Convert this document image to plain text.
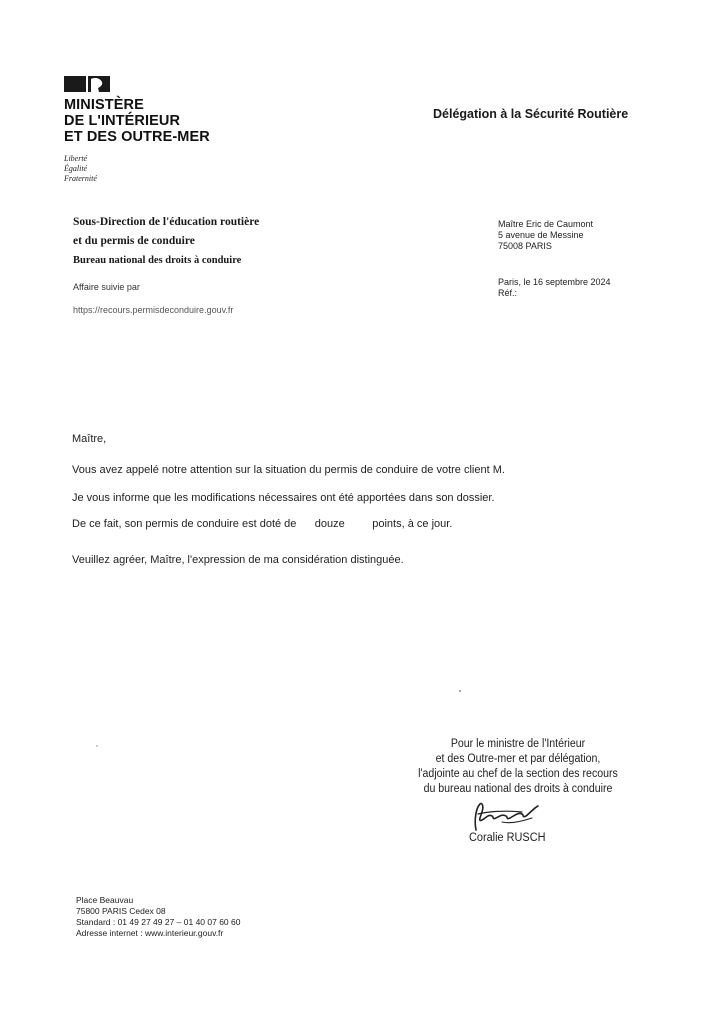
MINISTÈRE
DE L'INTÉRIEUR
ET DES OUTRE-MER
Liberté
Égalité
Fraternité
Délégation à la Sécurité Routière
Sous-Direction de l'éducation routière
et du permis de conduire
Bureau national des droits à conduire
Affaire suivie par
https://recours.permisdeconduire.gouv.fr
Maître Eric de Caumont
5 avenue de Messine
75008 PARIS
Paris, le 16 septembre 2024
Réf.:
Maître,
Vous avez appelé notre attention sur la situation du permis de conduire de votre client M.
Je vous informe que les modifications nécessaires ont été apportées dans son dossier.
De ce fait, son permis de conduire est doté de douze	points, à ce jour.
Veuillez agréer, Maître, l'expression de ma considération distinguée.
Pour le ministre de l'Intérieur
et des Outre-mer et par délégation,
l'adjointe au chef de la section des recours
du bureau national des droits à conduire
Coralie RUSCH
Place Beauvau
75800 PARIS Cedex 08
Standard : 01 49 27 49 27 – 01 40 07 60 60
Adresse internet : www.interieur.gouv.fr
